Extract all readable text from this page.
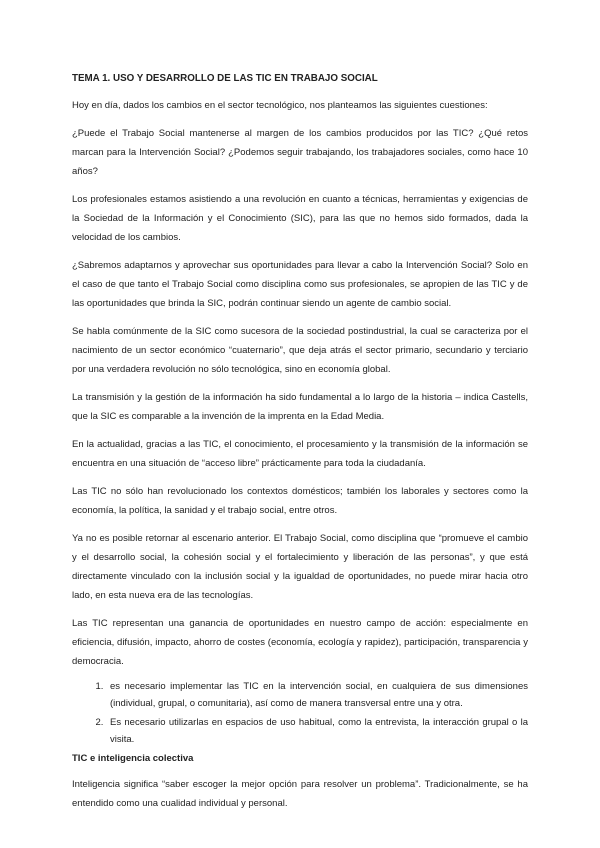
TEMA 1. USO Y DESARROLLO DE LAS TIC EN TRABAJO SOCIAL

Hoy en día, dados los cambios en el sector tecnológico, nos planteamos las siguientes cuestiones:

¿Puede el Trabajo Social mantenerse al margen de los cambios producidos por las TIC? ¿Qué retos marcan para la Intervención Social? ¿Podemos seguir trabajando, los trabajadores sociales, como hace 10 años?

Los profesionales estamos asistiendo a una revolución en cuanto a técnicas, herramientas y exigencias de la Sociedad de la Información y el Conocimiento (SIC), para las que no hemos sido formados, dada la velocidad de los cambios.

¿Sabremos adaptarnos y aprovechar sus oportunidades para llevar a cabo la Intervención Social? Solo en el caso de que tanto el Trabajo Social como disciplina como sus profesionales, se apropien de las TIC y de las oportunidades que brinda la SIC, podrán continuar siendo un agente de cambio social.

Se habla comúnmente de la SIC como sucesora de la sociedad postindustrial, la cual se caracteriza por el nacimiento de un sector económico “cuaternario”, que deja atrás el sector primario, secundario y terciario por una verdadera revolución no sólo tecnológica, sino en economía global.

La transmisión y la gestión de la información ha sido fundamental a lo largo de la historia – indica Castells, que la SIC es comparable a la invención de la imprenta en la Edad Media.

En la actualidad, gracias a las TIC, el conocimiento, el procesamiento y la transmisión de la información se encuentra en una situación de “acceso libre” prácticamente para toda la ciudadanía.

Las TIC no sólo han revolucionado los contextos domésticos; también los laborales y sectores como la economía, la política, la sanidad y el trabajo social, entre otros.

Ya no es posible retornar al escenario anterior. El Trabajo Social, como disciplina que “promueve el cambio y el desarrollo social, la cohesión social y el fortalecimiento y liberación de las personas”, y que está directamente vinculado con la inclusión social y la igualdad de oportunidades, no puede mirar hacia otro lado, en esta nueva era de las tecnologías.

Las TIC representan una ganancia de oportunidades en nuestro campo de acción: especialmente en eficiencia, difusión, impacto, ahorro de costes (economía, ecología y rapidez), participación, transparencia y democracia.

1. es necesario implementar las TIC en la intervención social, en cualquiera de sus dimensiones (individual, grupal, o comunitaria), así como de manera transversal entre una y otra.
2. Es necesario utilizarlas en espacios de uso habitual, como la entrevista, la interacción grupal o la visita.
TIC e inteligencia colectiva

Inteligencia significa “saber escoger la mejor opción para resolver un problema”. Tradicionalmente, se ha entendido como una cualidad individual y personal.
